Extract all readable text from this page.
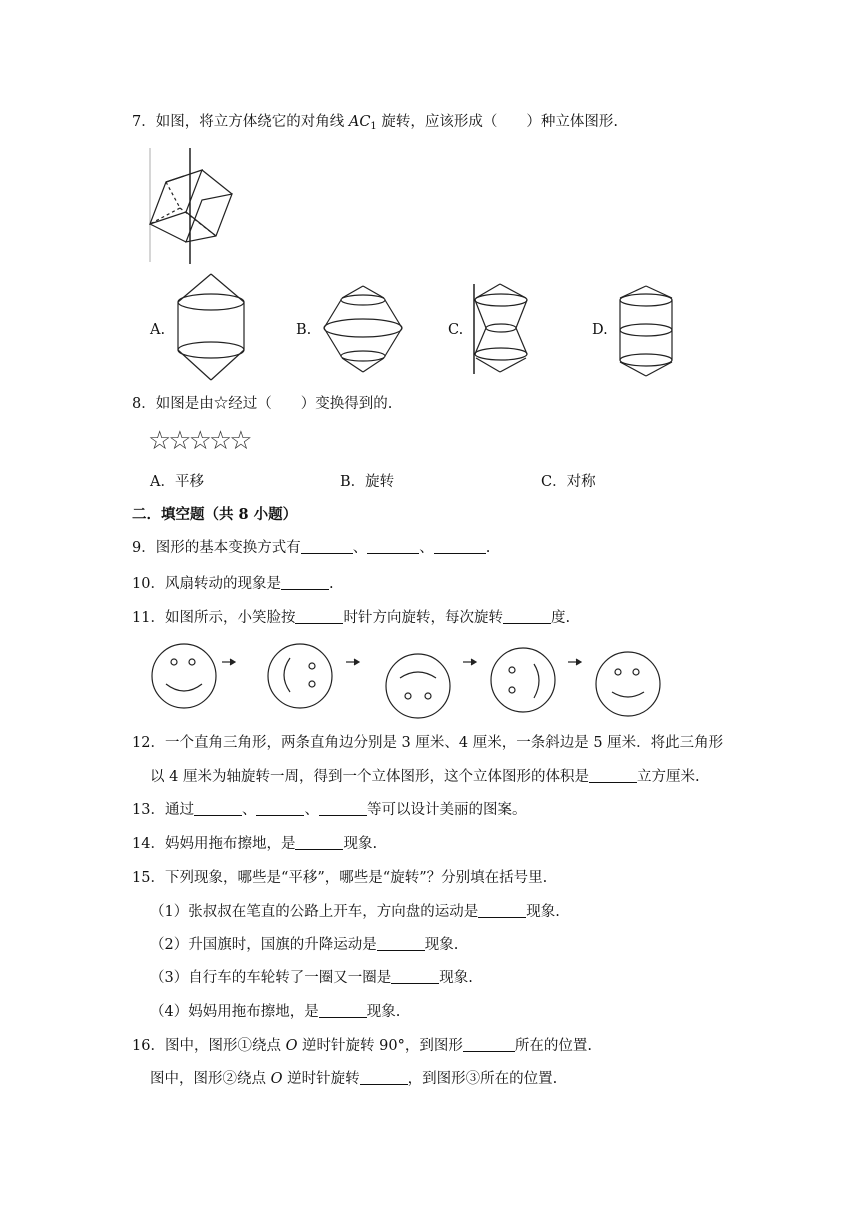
7．如图，将立方体绕它的对角线 $AC_1$ 旋转，应该形成（　　）种立体图形.
A.	B.	C.	D.
8．如图是由☆经过（　　）变换得到的.
☆☆☆☆☆
A．平移	B．旋转	C．对称
二．填空题（共 8 小题）
9．图形的基本变换方式有	、	、	.
10．风扇转动的现象是	.
11．如图所示，小笑脸按	时针方向旋转，每次旋转	度.
12．一个直角三角形，两条直角边分别是 3 厘米、4 厘米，一条斜边是 5 厘米．将此三角形
以 4 厘米为轴旋转一周，得到一个立体图形，这个立体图形的体积是	立方厘米.
13．通过	、	、	等可以设计美丽的图案。
14．妈妈用拖布擦地，是	现象.
15．下列现象，哪些是“平移”，哪些是“旋转”？分别填在括号里.
（1）张叔叔在笔直的公路上开车，方向盘的运动是	现象.
（2）升国旗时，国旗的升降运动是	现象.
（3）自行车的车轮转了一圈又一圈是	现象.
（4）妈妈用拖布擦地，是	现象.
16．图中，图形①绕点 O 逆时针旋转 90°，到图形	所在的位置.
图中，图形②绕点 O 逆时针旋转	，到图形③所在的位置.
